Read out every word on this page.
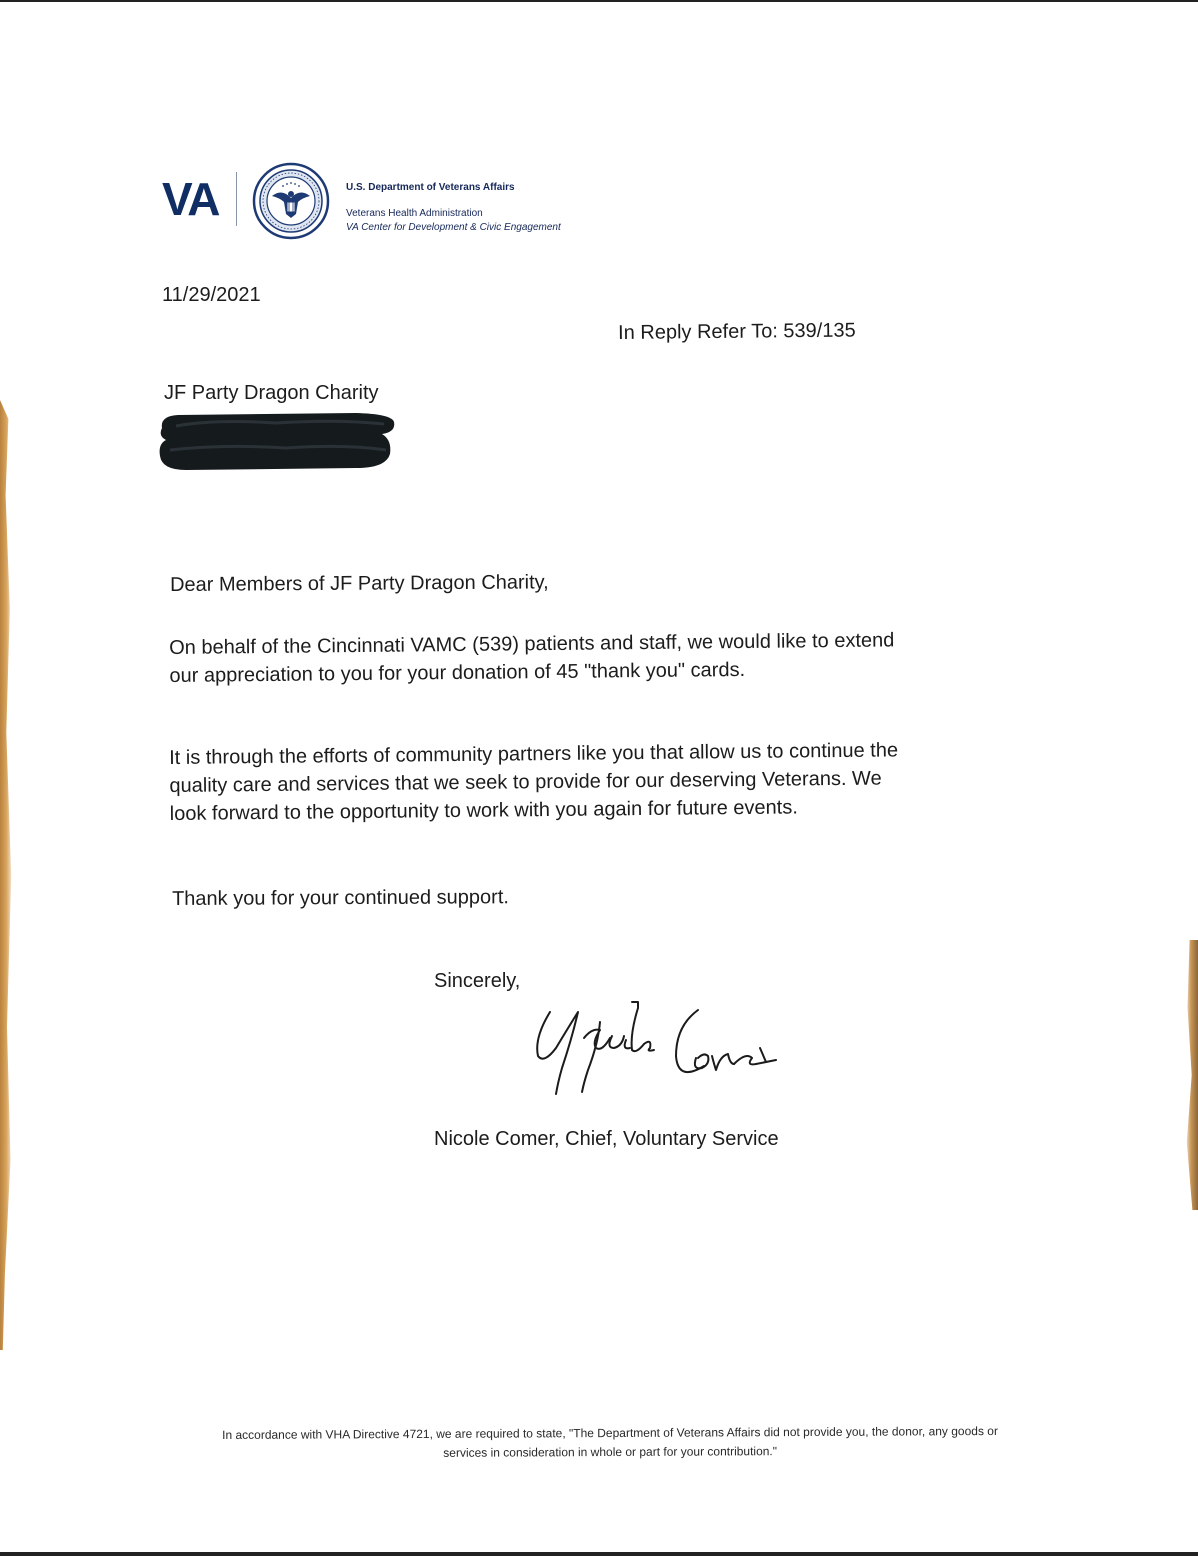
VA	U.S. Department of Veterans Affairs
Veterans Health Administration
VA Center for Development & Civic Engagement
11/29/2021
In Reply Refer To: 539/135
JF Party Dragon Charity
Dear Members of JF Party Dragon Charity,
On behalf of the Cincinnati VAMC (539) patients and staff, we would like to extend
our appreciation to you for your donation of 45 "thank you" cards.
It is through the efforts of community partners like you that allow us to continue the
quality care and services that we seek to provide for our deserving Veterans. We
look forward to the opportunity to work with you again for future events.
Thank you for your continued support.
Sincerely,
Nicole Comer, Chief, Voluntary Service
In accordance with VHA Directive 4721, we are required to state, "The Department of Veterans Affairs did not provide you, the donor, any goods or
services in consideration in whole or part for your contribution."
